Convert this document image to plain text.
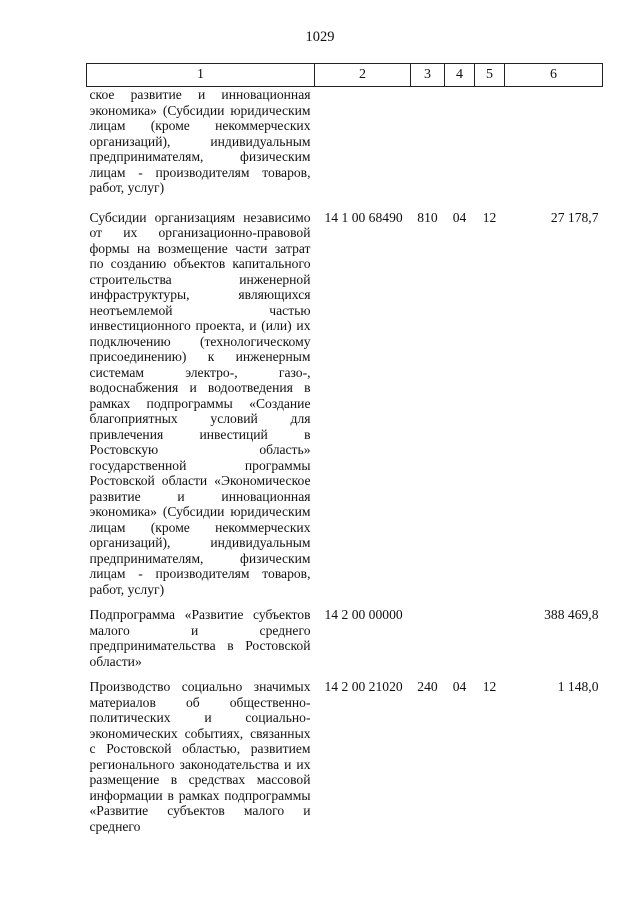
1029
1	2	3	4	5	6
ское развитие и инновационная экономика» (Субсидии юридическим лицам (кроме некоммерческих организаций), индивидуальным предпринимателям, физическим лицам - производителям товаров, работ, услуг)					
Субсидии организациям независимо от их организационно-правовой формы на возмещение части затрат по созданию объектов капитального строительства инженерной инфраструктуры, являющихся неотъемлемой частью инвестиционного проекта, и (или) их подключению (технологическому присоединению) к инженерным системам электро-, газо-, водоснабжения и водоотведения в рамках подпрограммы «Создание благоприятных условий для привлечения инвестиций в Ростовскую область» государственной программы Ростовской области «Экономическое развитие и инновационная экономика» (Субсидии юридическим лицам (кроме некоммерческих организаций), индивидуальным предпринимателям, физическим лицам - производителям товаров, работ, услуг)	14 1 00 68490	810	04	12	27 178,7
Подпрограмма «Развитие субъектов малого и среднего предпринимательства в Ростовской области»	14 2 00 00000				388 469,8
Производство социально значимых материалов об общественно-политических и социально-экономических событиях, связанных с Ростовской областью, развитием регионального законодательства и их размещение в средствах массовой информации в рамках подпрограммы «Развитие субъектов малого и среднего	14 2 00 21020	240	04	12	1 148,0
